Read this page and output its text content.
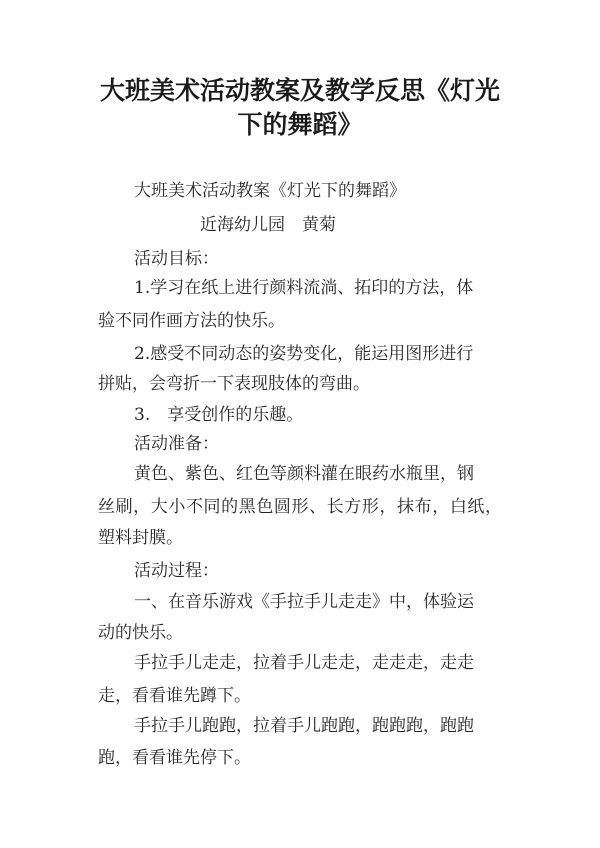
大班美术活动教案及教学反思《灯光
下的舞蹈》
大班美术活动教案《灯光下的舞蹈》
近海幼儿园　黄菊
活动目标：
1.学习在纸上进行颜料流淌、拓印的方法，体
验不同作画方法的快乐。
2.感受不同动态的姿势变化，能运用图形进行
拼贴，会弯折一下表现肢体的弯曲。
3.　享受创作的乐趣。
活动准备：
黄色、紫色、红色等颜料灌在眼药水瓶里，钢
丝刷，大小不同的黑色圆形、长方形，抹布，白纸，
塑料封膜。
活动过程：
一、在音乐游戏《手拉手儿走走》中，体验运
动的快乐。
手拉手儿走走，拉着手儿走走，走走走，走走
走，看看谁先蹲下。
手拉手儿跑跑，拉着手儿跑跑，跑跑跑，跑跑
跑，看看谁先停下。
